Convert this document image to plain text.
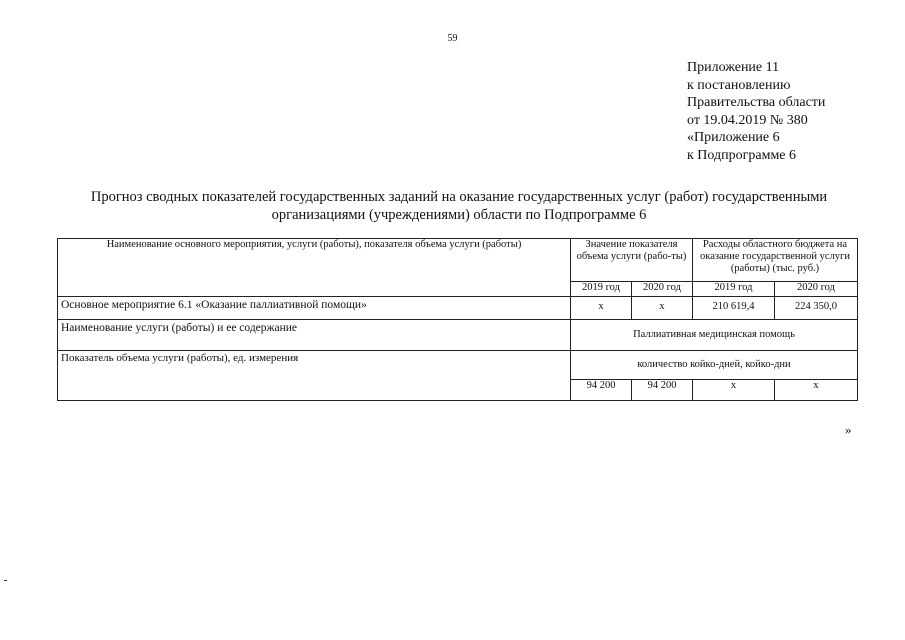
59
Приложение 11
к постановлению
Правительства области
от 19.04.2019 № 380
«Приложение 6
к Подпрограмме 6
Прогноз сводных показателей государственных заданий на оказание государственных услуг (работ) государственными
организациями (учреждениями) области по Подпрограмме 6
Наименование основного мероприятия, услуги (работы), показателя объема услуги (работы)	Значение показателя объема услуги (рабо-ты)		Расходы областного бюджета на оказание государственной услуги (работы) (тыс. руб.)	
	2019 год	2020 год	2019 год	2020 год
Основное мероприятие 6.1 «Оказание паллиативной помощи»	х	х	210 619,4	224 350,0
Наименование услуги (работы) и ее содержание	Паллиативная медицинская помощь			
Показатель объема услуги (работы), ед. измерения	количество койко-дней, койко-дни			
	94 200	94 200	х	х
»
